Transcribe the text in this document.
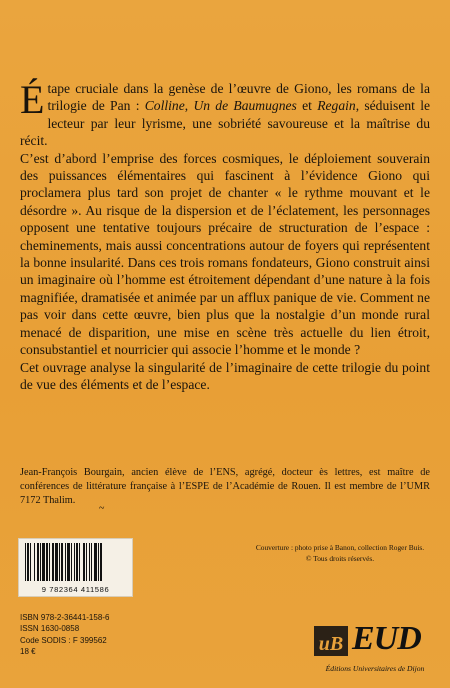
Étape cruciale dans la genèse de l’œuvre de Giono, les romans de la trilogie de Pan : Colline, Un de Baumugnes et Regain, séduisent le lecteur par leur lyrisme, une sobriété savoureuse et la maîtrise du récit.

C’est d’abord l’emprise des forces cosmiques, le déploiement souverain des puissances élémentaires qui fascinent à l’évidence Giono qui proclamera plus tard son projet de chanter « le rythme mouvant et le désordre ». Au risque de la dispersion et de l’éclatement, les personnages opposent une tentative toujours précaire de structuration de l’espace : cheminements, mais aussi concentrations autour de foyers qui représentent la bonne insularité. Dans ces trois romans fondateurs, Giono construit ainsi un imaginaire où l’homme est étroitement dépendant d’une nature à la fois magnifiée, dramatisée et animée par un afflux panique de vie. Comment ne pas voir dans cette œuvre, bien plus que la nostalgie d’un monde rural menacé de disparition, une mise en scène très actuelle du lien étroit, consubstantiel et nourricier qui associe l’homme et le monde ?

Cet ouvrage analyse la singularité de l’imaginaire de cette trilogie du point de vue des éléments et de l’espace.

Jean-François Bourgain, ancien élève de l’ENS, agrégé, docteur ès lettres, est maître de conférences de littérature française à l’ESPE de l’Académie de Rouen. Il est membre de l’UMR 7172 Thalim.
~
Couverture : photo prise à Banon, collection Roger Buis.
© Tous droits réservés.
9 782364 411586
ISBN 978-2-36441-158-6
ISSN 1630-0858
Code SODIS : F 399562
18 €	uB EUD
Éditions Universitaires de Dijon
